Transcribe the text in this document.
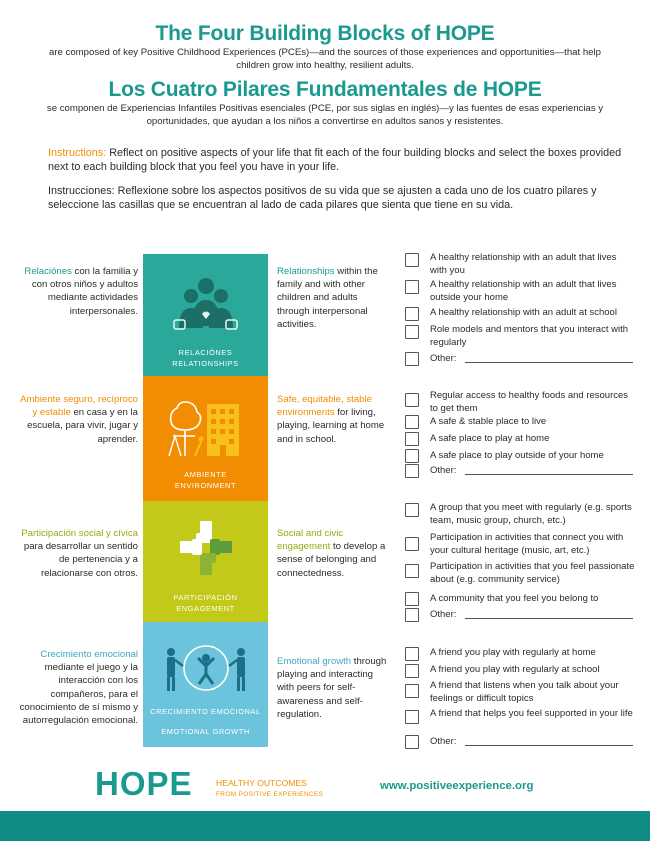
The Four Building Blocks of HOPE
are composed of key Positive Childhood Experiences (PCEs)—and the sources of those experiences and opportunities—that help children grow into healthy, resilient adults.
Los Cuatro Pilares Fundamentales de HOPE
se componen de Experiencias Infantiles Positivas esenciales (PCE, por sus siglas en inglés)—y las fuentes de esas experiencias y oportunidades, que ayudan a los niños a convertirse en adultos sanos y resistentes.
Instructions: Reflect on positive aspects of your life that fit each of the four building blocks and select the boxes provided next to each building block that you feel you have in your life.
Instrucciones: Reflexione sobre los aspectos positivos de su vida que se ajusten a cada uno de los cuatro pilares y seleccione las casillas que se encuentran al lado de cada pilares que sienta que tiene en su vida.
RELACIÓNES
RELATIONSHIPS
Relaciónes con la familia y con otros niños y adultos mediante actividades interpersonales.
Relationships within the family and with other children and adults through interpersonal activities.
A healthy relationship with an adult that lives with you
A healthy relationship with an adult that lives outside your home
A healthy relationship with an adult at school
Role models and mentors that you interact with regularly
Other:
AMBIENTE
ENVIRONMENT
Ambiente seguro, recíproco y estable en casa y en la escuela, para vivir, jugar y aprender.
Safe, equitable, stable environments for living, playing, learning at home and in school.
Regular access to healthy foods and resources to get them
A safe & stable place to live
A safe place to play at home
A safe place to play outside of your home
Other:
PARTICIPACIÓN
ENGAGEMENT
Participación social y cívica para desarrollar un sentido de pertenencia y a relacionarse con otros.
Social and civic engagement to develop a sense of belonging and connectedness.
A group that you meet with regularly (e.g. sports team, music group, church, etc.)
Participation in activities that connect you with your cultural heritage (music, art, etc.)
Participation in activities that you feel passionate about (e.g. community service)
A community that you feel you belong to
Other:
CRECIMIENTO EMOCIONAL
EMOTIONAL GROWTH
Crecimiento emocional mediante el juego y la interacción con los compañeros, para el conocimiento de sí mismo y autorregulación emocional.
Emotional growth through playing and interacting with peers for self-awareness and self-regulation.
A friend you play with regularly at home
A friend you play with regularly at school
A friend that listens when you talk about your feelings or difficult topics
A friend that helps you feel supported in your life
Other:
HOPE	HEALTHY OUTCOMES
FROM POSITIVE EXPERIENCES
www.positiveexperience.org
